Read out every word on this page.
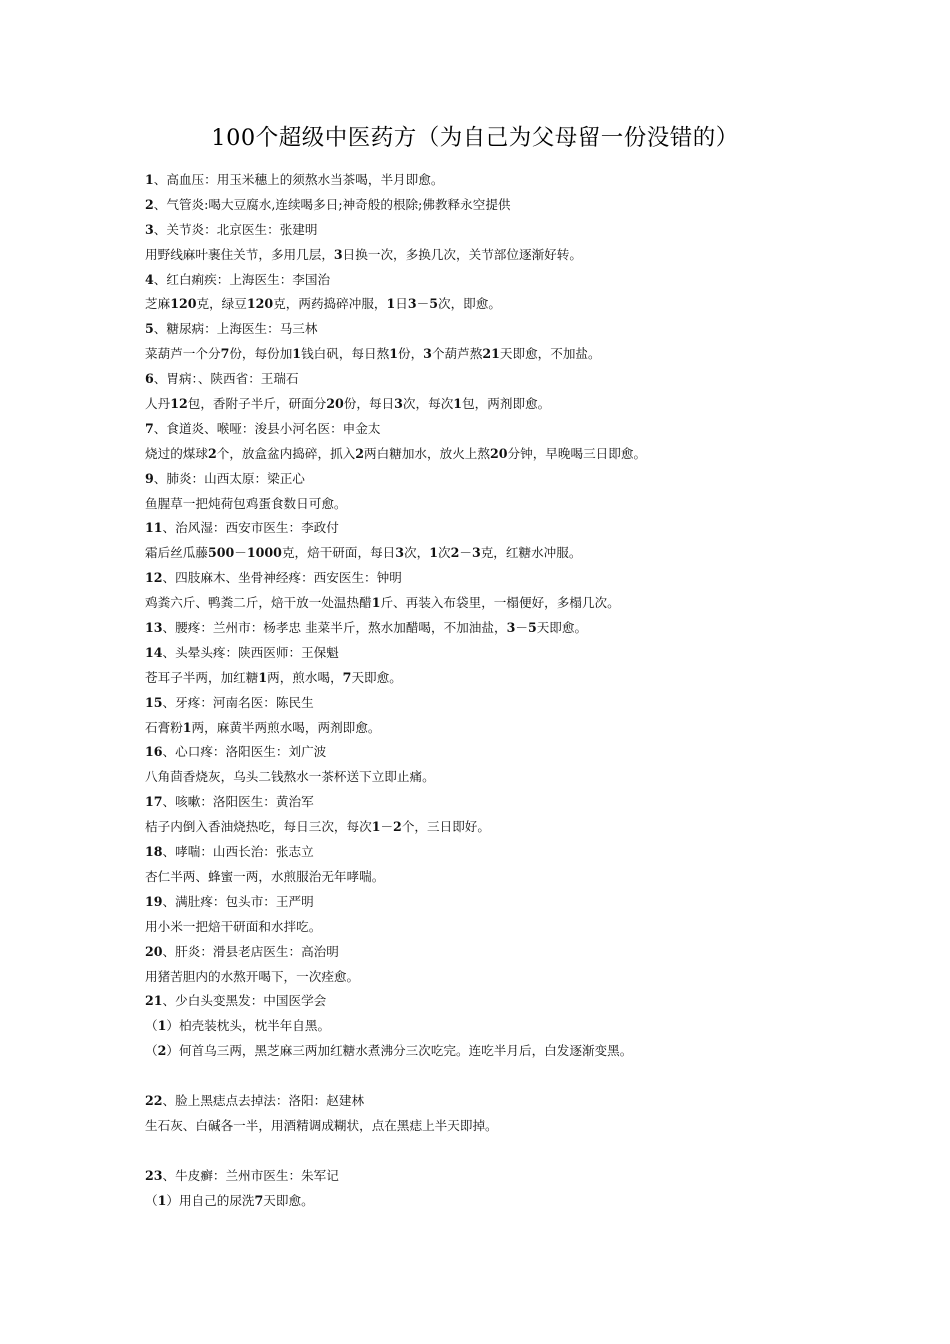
100个超级中医药方（为自己为父母留一份没错的）
1、高血压：用玉米穗上的须熬水当茶喝，半月即愈。
2、气管炎:喝大豆腐水,连续喝多日;神奇般的根除;佛教释永空提供
3、关节炎：北京医生：张建明
用野线麻叶裹住关节，多用几层，3日换一次，多换几次，关节部位逐渐好转。
4、红白痢疾：上海医生：李国治
芝麻120克，绿豆120克，两药捣碎冲服，1日3－5次，即愈。
5、糖尿病：上海医生：马三林
菜葫芦一个分7份，每份加1钱白矾，每日熬1份，3个葫芦熬21天即愈，不加盐。
6、胃病：、陕西省：王瑞石
人丹12包，香附子半斤，研面分20份，每日3次，每次1包，两剂即愈。
7、食道炎、喉哑：浚县小河名医：申金太
烧过的煤球2个，放盒盆内捣碎，抓入2两白糖加水，放火上熬20分钟，早晚喝三日即愈。
9、肺炎：山西太原：梁正心
鱼腥草一把炖荷包鸡蛋食数日可愈。
11、治风湿：西安市医生：李政付
霜后丝瓜藤500－1000克，焙干研面，每日3次，1次2－3克，红糖水冲服。
12、四肢麻木、坐骨神经疼：西安医生：钟明
鸡粪六斤、鸭粪二斤，焙干放一处温热醋1斤、再装入布袋里，一榻便好，多榻几次。
13、腰疼：兰州市：杨孝忠 韭菜半斤，熬水加醋喝，不加油盐，3－5天即愈。
14、头晕头疼：陕西医师：王保魁
苍耳子半两，加红糖1两，煎水喝，7天即愈。
15、牙疼：河南名医：陈民生
石膏粉1两，麻黄半两煎水喝，两剂即愈。
16、心口疼：洛阳医生：刘广波
八角茴香烧灰，乌头二钱熬水一茶杯送下立即止痛。
17、咳嗽：洛阳医生：黄治军
桔子内倒入香油烧热吃，每日三次，每次1－2个，三日即好。
18、哮喘：山西长治：张志立
杏仁半两、蜂蜜一两，水煎服治无年哮喘。
19、满肚疼：包头市：王严明
用小米一把焙干研面和水拌吃。
20、肝炎：滑县老店医生：高治明
用猪苦胆内的水熬开喝下，一次痊愈。
21、少白头变黑发：中国医学会
（1）柏壳装枕头，枕半年自黑。
（2）何首乌三两，黑芝麻三两加红糖水煮沸分三次吃完。连吃半月后，白发逐渐变黑。
22、脸上黑痣点去掉法：洛阳：赵建林
生石灰、白碱各一半，用酒精调成糊状，点在黑痣上半天即掉。
23、牛皮癣：兰州市医生：朱军记
（1）用自己的尿洗7天即愈。
